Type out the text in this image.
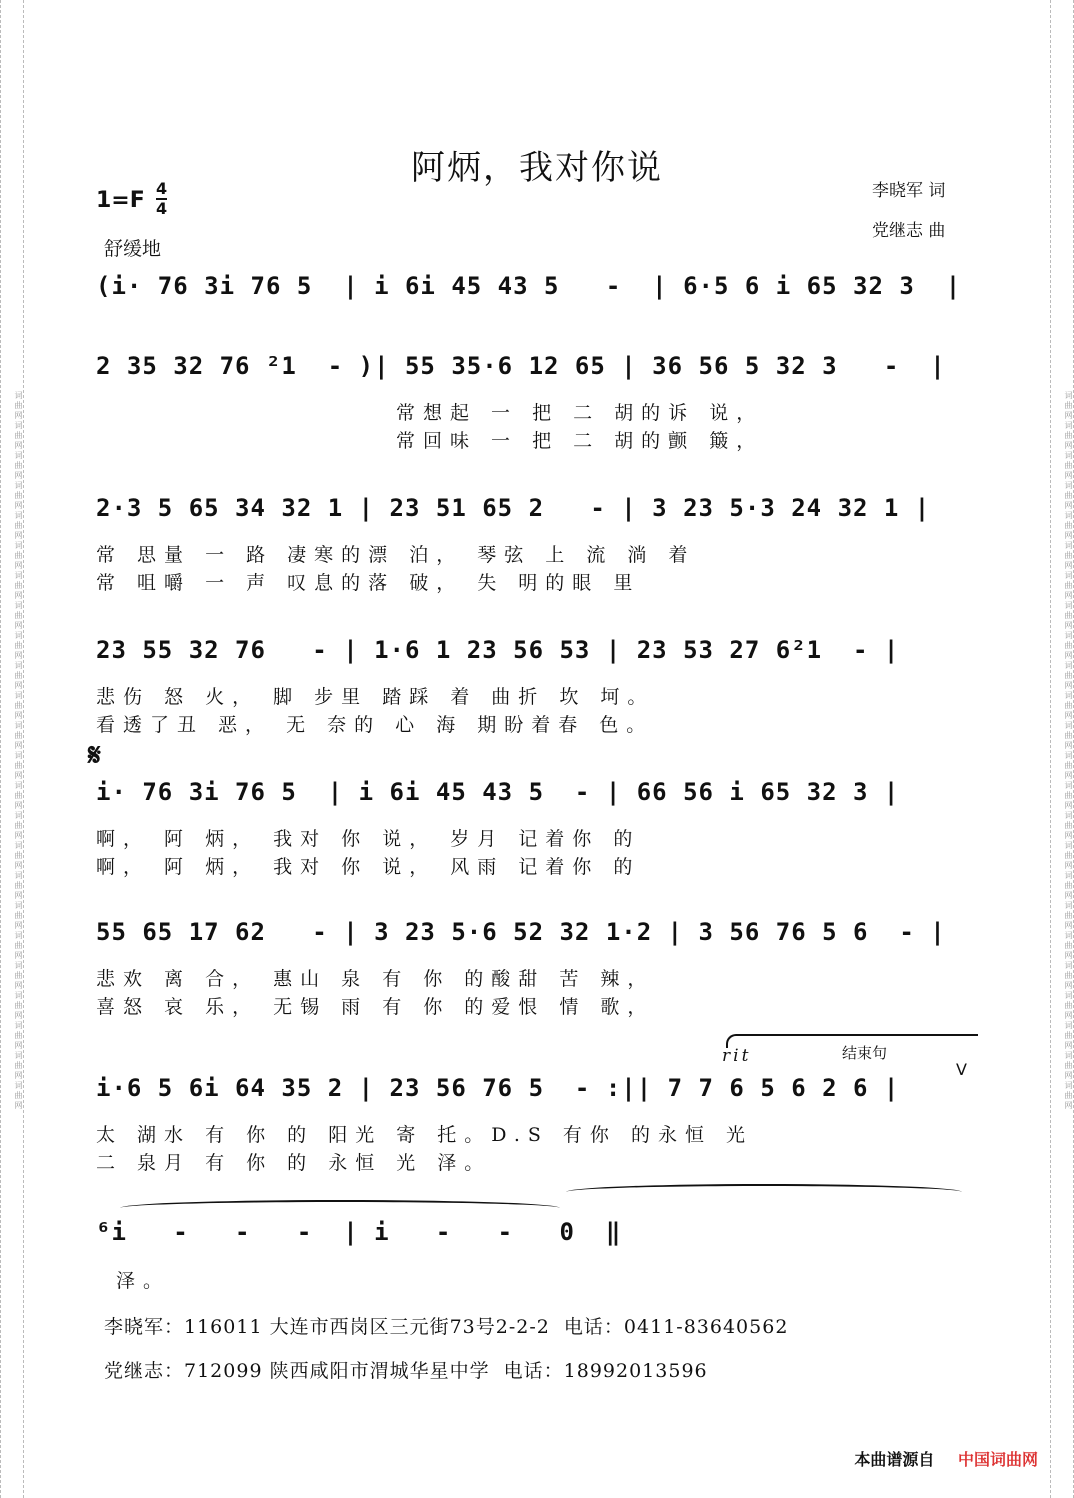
词曲网词曲网词曲网词曲网词曲网词曲网词曲网词曲网词曲网词曲网词曲网词曲网词曲网词曲网词曲网词曲网词曲网词曲网词曲网词曲网词曲网词曲网词曲网词曲网	词曲网词曲网词曲网词曲网词曲网词曲网词曲网词曲网词曲网词曲网词曲网词曲网词曲网词曲网词曲网词曲网词曲网词曲网词曲网词曲网词曲网词曲网词曲网词曲网
阿炳，我对你说
李晓军 词
党继志 曲
$1=F \frac{4}{4}$
舒缓地
(i· 76 3i 76 5  | i 6i 45 43 5   -  | 6·5 6 i 65 32 3  |
2 35 32 76 ²1  - )| 55 35·6 12 65 | 36 56 5 32 3   -  |
常想起 一 把 二 胡的诉 说，
常回味 一 把 二 胡的颤 簸，
2·3 5 65 34 32 1 | 23 51 65 2   - | 3 23 5·3 24 32 1 |
常 思量 一 路 凄寒的漂 泊， 琴弦 上 流 淌 着
常 咀嚼 一 声 叹息的落 破， 失 明的眼 里
23 55 32 76   - | 1·6 1 23 56 53 | 23 53 27 6²1  - |
悲伤 怒 火， 脚 步里 踏踩 着 曲折 坎 坷。
看透了丑 恶， 无 奈的 心 海 期盼着春 色。
𝄋
i· 76 3i 76 5  | i 6i 45 43 5  - | 66 56 i 65 32 3 |
啊， 阿 炳， 我对 你 说， 岁月 记着你 的
啊， 阿 炳， 我对 你 说， 风雨 记着你 的
55 65 17 62   - | 3 23 5·6 52 32 1·2 | 3 56 76 5 6  - |
悲欢 离 合， 惠山 泉 有 你 的酸甜 苦 辣，
喜怒 哀 乐， 无锡 雨 有 你 的爱恨 情 歌，
rit	结束句
V
i·6 5 6i 64 35 2 | 23 56 76 5  - :|| 7 7 6 5 6 2 6 |
太 湖水 有 你 的 阳光 寄 托。D.S 有你 的永恒 光
二 泉月 有 你 的 永恒 光 泽。
⁶i   -   -   -  | i   -   -   0  ‖
泽。
李晓军：116011 大连市西岗区三元街73号2-2-2  电话：0411-83640562
党继志：712099 陕西咸阳市渭城华星中学  电话：18992013596
本曲谱源自 中国词曲网
